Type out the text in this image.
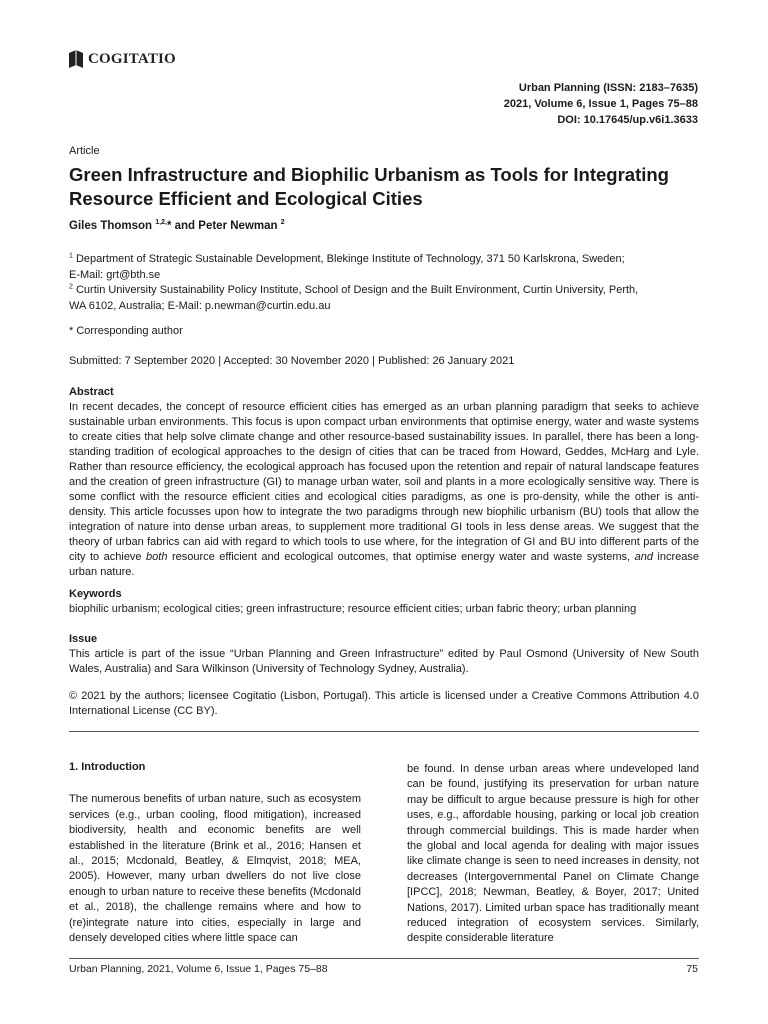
COGITATIO
Urban Planning (ISSN: 2183–7635)
2021, Volume 6, Issue 1, Pages 75–88
DOI: 10.17645/up.v6i1.3633
Article
Green Infrastructure and Biophilic Urbanism as Tools for Integrating Resource Efficient and Ecological Cities
Giles Thomson $^{1,2,}$* and Peter Newman $^2$
$^1$ Department of Strategic Sustainable Development, Blekinge Institute of Technology, 371 50 Karlskrona, Sweden;
E-Mail: grt@bth.se
$^2$ Curtin University Sustainability Policy Institute, School of Design and the Built Environment, Curtin University, Perth,
WA 6102, Australia; E-Mail: p.newman@curtin.edu.au
* Corresponding author
Submitted: 7 September 2020 | Accepted: 30 November 2020 | Published: 26 January 2021
Abstract

In recent decades, the concept of resource efficient cities has emerged as an urban planning paradigm that seeks to achieve sustainable urban environments. This focus is upon compact urban environments that optimise energy, water and waste systems to create cities that help solve climate change and other resource-based sustainability issues. In parallel, there has been a long-standing tradition of ecological approaches to the design of cities that can be traced from Howard, Geddes, McHarg and Lyle. Rather than resource efficiency, the ecological approach has focused upon the retention and repair of natural landscape features and the creation of green infrastructure (GI) to manage urban water, soil and plants in a more ecologically sensitive way. There is some conflict with the resource efficient cities and ecological cities paradigms, as one is pro-density, while the other is anti-density. This article focusses upon how to integrate the two paradigms through new biophilic urbanism (BU) tools that allow the integration of nature into dense urban areas, to supplement more traditional GI tools in less dense areas. We suggest that the theory of urban fabrics can aid with regard to which tools to use where, for the integration of GI and BU into different parts of the city to achieve both resource efficient and ecological outcomes, that optimise energy water and waste systems, and increase urban nature.

Keywords

biophilic urbanism; ecological cities; green infrastructure; resource efficient cities; urban fabric theory; urban planning

Issue

This article is part of the issue “Urban Planning and Green Infrastructure” edited by Paul Osmond (University of New South Wales, Australia) and Sara Wilkinson (University of Technology Sydney, Australia).

© 2021 by the authors; licensee Cogitatio (Lisbon, Portugal). This article is licensed under a Creative Commons Attribution 4.0 International License (CC BY).

1. Introduction

The numerous benefits of urban nature, such as ecosystem services (e.g., urban cooling, flood mitigation), increased biodiversity, health and economic benefits are well established in the literature (Brink et al., 2016; Hansen et al., 2015; Mcdonald, Beatley, & Elmqvist, 2018; MEA, 2005). However, many urban dwellers do not live close enough to urban nature to receive these benefits (Mcdonald et al., 2018), the challenge remains where and how to (re)integrate nature into cities, especially in large and densely developed cities where little space can

be found. In dense urban areas where undeveloped land can be found, justifying its preservation for urban nature may be difficult to argue because pressure is high for other uses, e.g., affordable housing, parking or local job creation through commercial buildings. This is made harder when the global and local agenda for dealing with major issues like climate change is seen to need increases in density, not decreases (Intergovernmental Panel on Climate Change [IPCC], 2018; Newman, Beatley, & Boyer, 2017; United Nations, 2017). Limited urban space has traditionally meant reduced integration of ecosystem services. Similarly, despite considerable literature

Urban Planning, 2021, Volume 6, Issue 1, Pages 75–88	75
